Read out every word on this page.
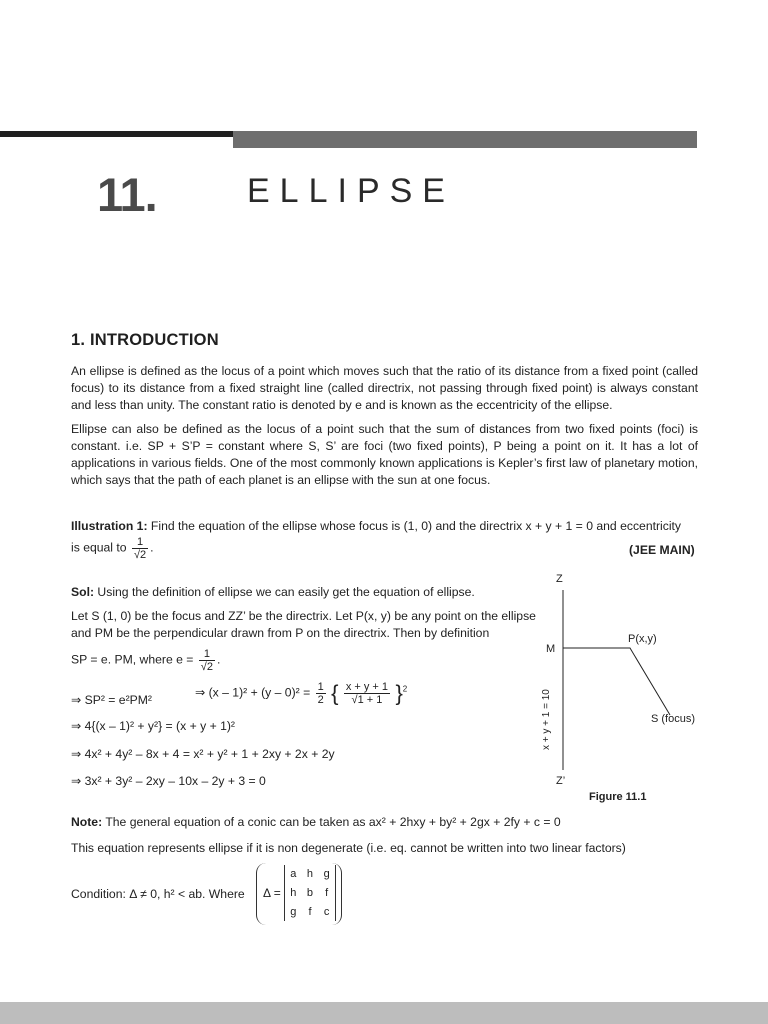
11.	ELLIPSE
1. INTRODUCTION
An ellipse is defined as the locus of a point which moves such that the ratio of its distance from a fixed point (called focus) to its distance from a fixed straight line (called directrix, not passing through fixed point) is always constant and less than unity. The constant ratio is denoted by e and is known as the eccentricity of the ellipse.
Ellipse can also be defined as the locus of a point such that the sum of distances from two fixed points (foci) is constant. i.e. SP + S’P = constant where S, S’ are foci (two fixed points), P being a point on it. It has a lot of applications in various fields. One of the most commonly known applications is Kepler’s first law of planetary motion, which says that the path of each planet is an ellipse with the sun at one focus.
Illustration 1: Find the equation of the ellipse whose focus is (1, 0) and the directrix x + y + 1 = 0 and eccentricity
is equal to $\frac{1}{√2}$ .	(JEE MAIN)
Sol: Using the definition of ellipse we can easily get the equation of ellipse.
Let S (1, 0) be the focus and ZZ’ be the directrix. Let P(x, y) be any point on the ellipse
and PM be the perpendicular drawn from P on the directrix. Then by definition
SP = e. PM, where $e = \frac{1}{√2}$ .
⇒ SP² = e²PM²
⇒ $(x - 1)^2 + (y - 0)^2 = \frac{1}{2}$ { $\frac{x + y + 1}{√1 + 1} \}^2$
⇒ 4{(x – 1)² + y²} = (x + y + 1)²
⇒ 4x² + 4y² – 8x + 4 = x² + y² + 1 + 2xy + 2x + 2y
⇒ 3x² + 3y² – 2xy – 10x – 2y + 3 = 0
Z
Z’
M
P(x,y)
S (focus)
x + y + 1 = 10
Figure 11.1
Note: The general equation of a conic can be taken as ax² + 2hxy + by² + 2gx + 2fy + c = 0
This equation represents ellipse if it is non degenerate (i.e. eq. cannot be written into two linear factors)
Condition: Δ ≠ 0, h² < ab. Where Δ =
a h g
h b	f
g	f	c
